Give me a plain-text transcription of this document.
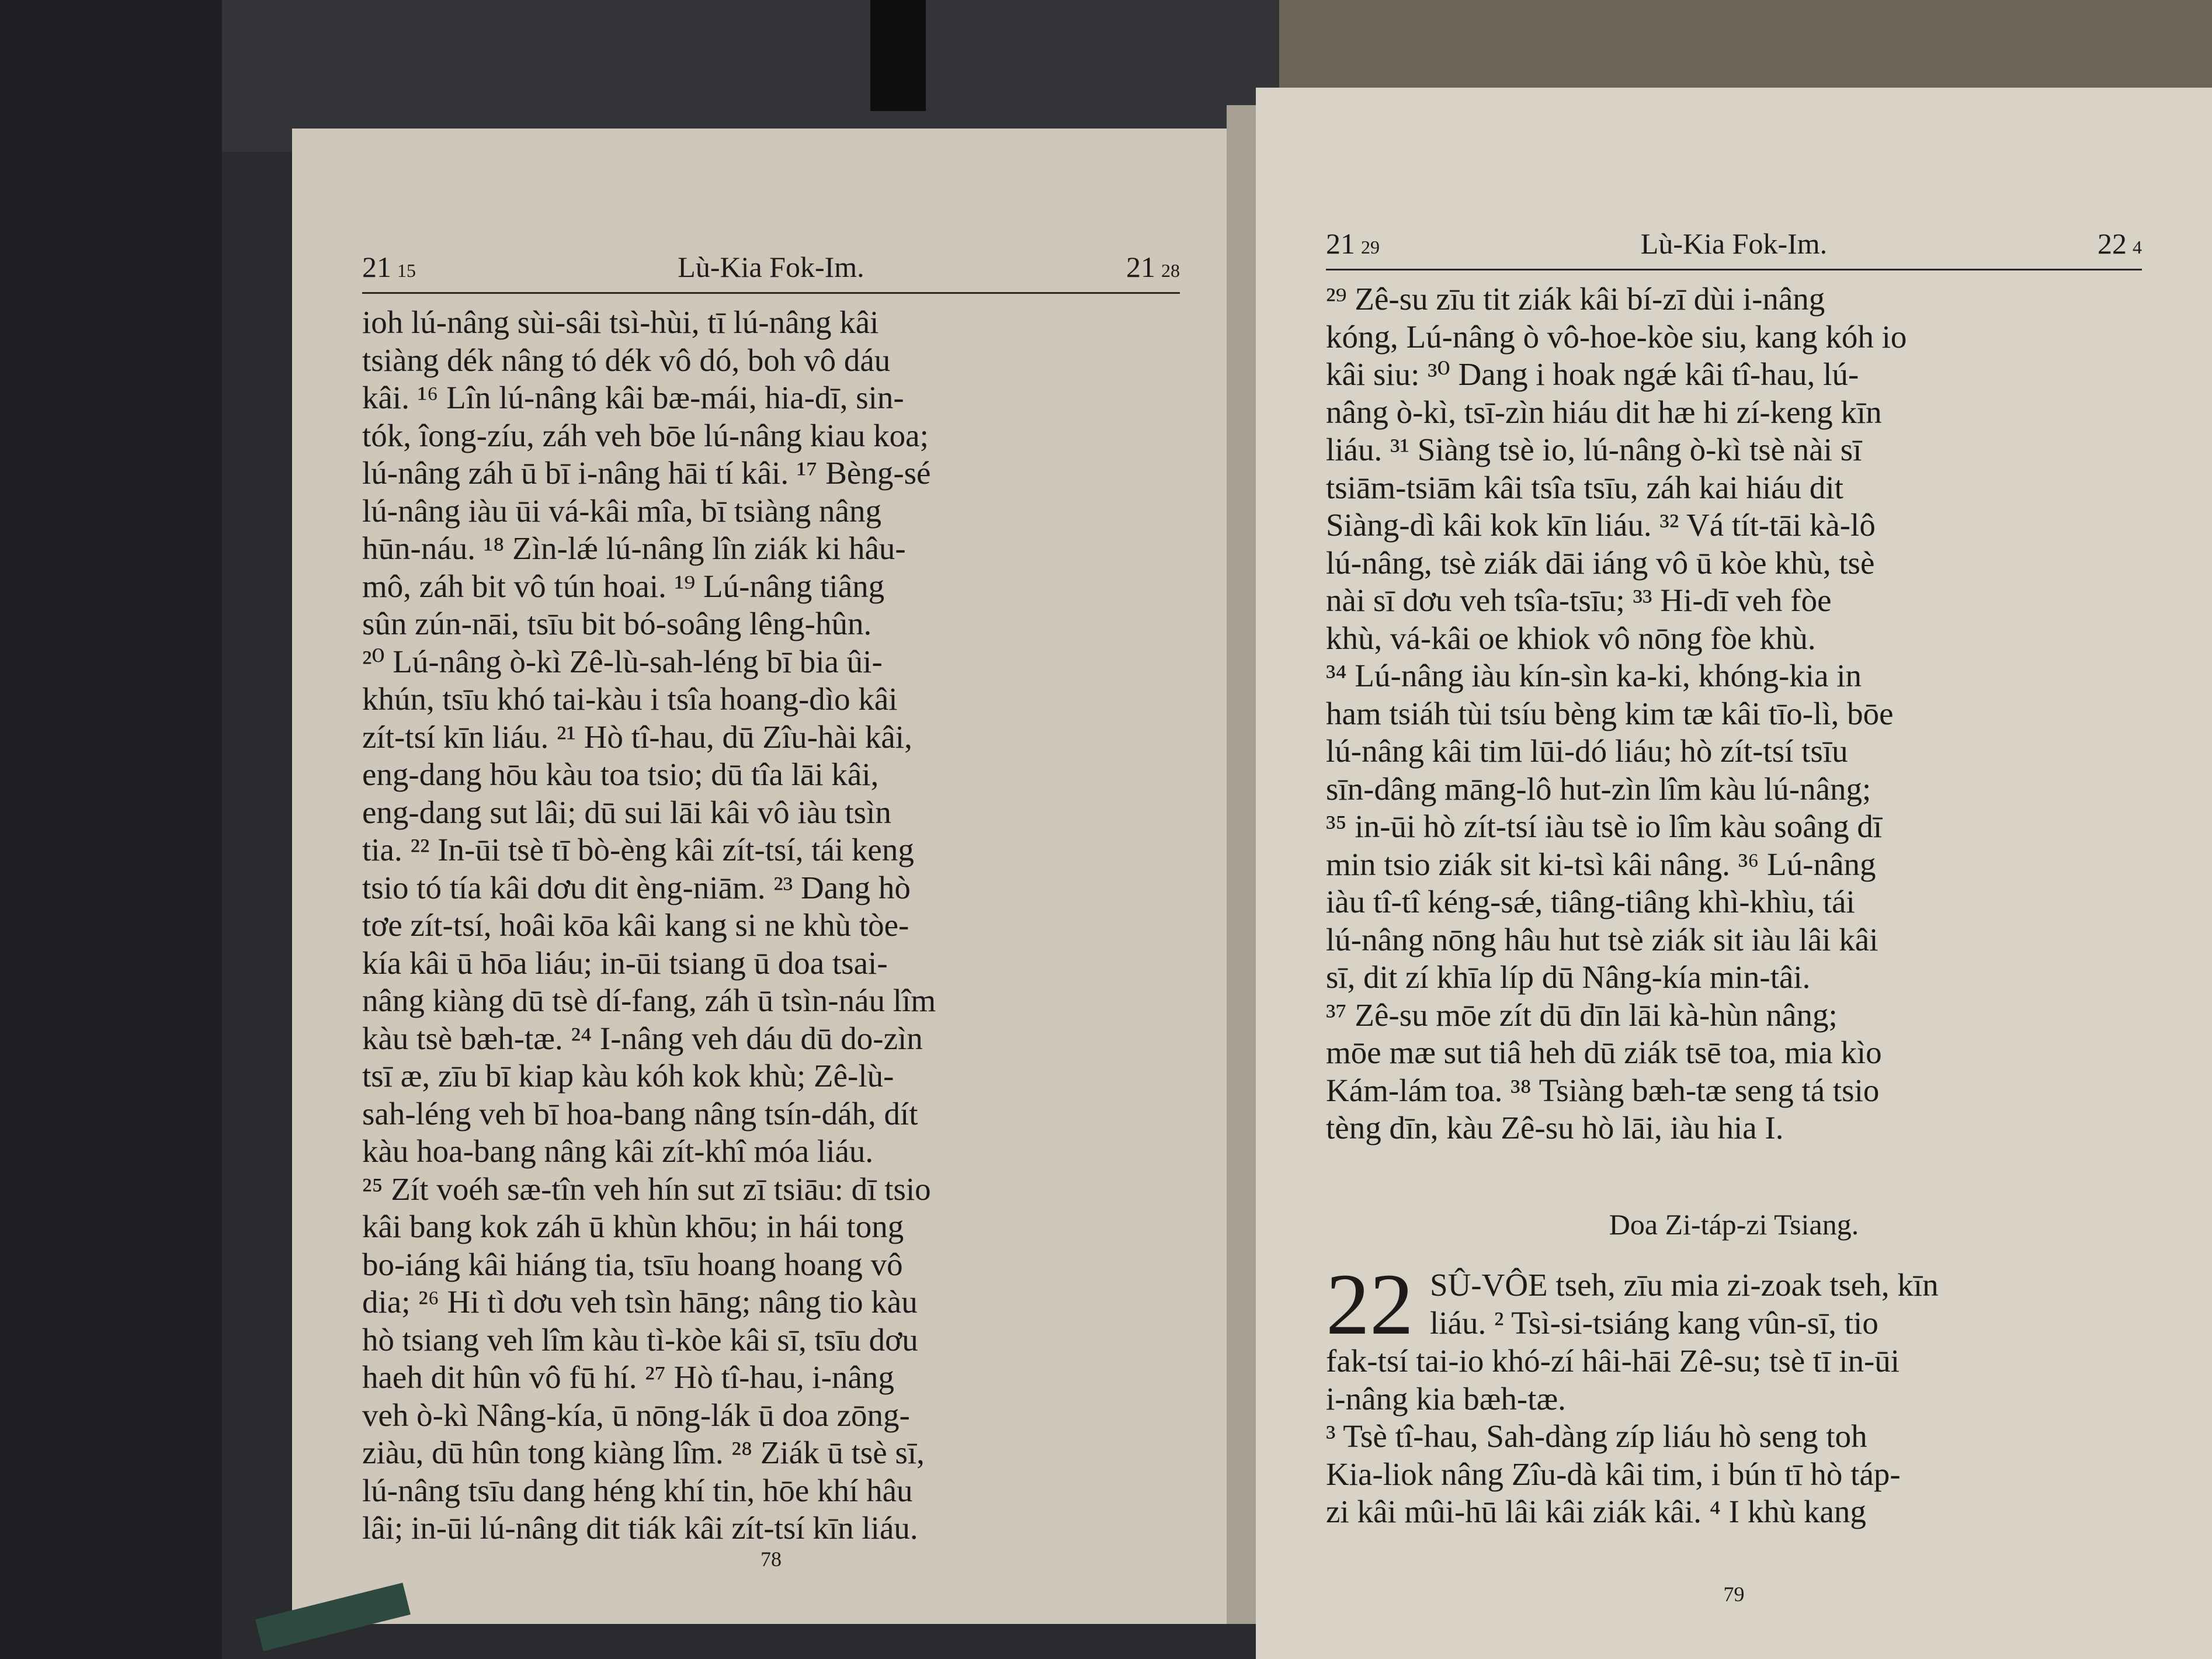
21 15	Lù-Kia Fok-Im.	21 28

ioh lú-nâng sùi-sâi tsì-hùi, tī lú-nâng kâi

tsiàng dék nâng tó dék vô dó, boh vô dáu

kâi. ¹⁶ Lîn lú-nâng kâi bæ-mái, hia-dī, sin-

tók, îong-zíu, záh veh bōe lú-nâng kiau koa;

lú-nâng záh ū bī i-nâng hāi tí kâi. ¹⁷ Bèng-sé

lú-nâng iàu ūi vá-kâi mîa, bī tsiàng nâng

hūn-náu. ¹⁸ Zìn-lǽ lú-nâng lîn ziák ki hâu-

mô, záh bit vô tún hoai. ¹⁹ Lú-nâng tiâng

sûn zún-nāi, tsīu bit bó-soâng lêng-hûn.

²⁰ Lú-nâng ò-kì Zê-lù-sah-léng bī bia ûi-

khún, tsīu khó tai-kàu i tsîa hoang-dìo kâi

zít-tsí kīn liáu. ²¹ Hò tî-hau, dū Zîu-hài kâi,

eng-dang hōu kàu toa tsio; dū tîa lāi kâi,

eng-dang sut lâi; dū sui lāi kâi vô iàu tsìn

tia. ²² In-ūi tsè tī bò-èng kâi zít-tsí, tái keng

tsio tó tía kâi dơu dit èng-niām. ²³ Dang hò

tơe zít-tsí, hoâi kōa kâi kang si ne khù tòe-

kía kâi ū hōa liáu; in-ūi tsiang ū doa tsai-

nâng kiàng dū tsè dí-fang, záh ū tsìn-náu lîm

kàu tsè bæh-tæ. ²⁴ I-nâng veh dáu dū do-zìn

tsī æ, zīu bī kiap kàu kóh kok khù; Zê-lù-

sah-léng veh bī hoa-bang nâng tsín-dáh, dít

kàu hoa-bang nâng kâi zít-khî móa liáu.

²⁵ Zít voéh sæ-tîn veh hín sut zī tsiāu: dī tsio

kâi bang kok záh ū khùn khōu; in hái tong

bo-iáng kâi hiáng tia, tsīu hoang hoang vô

dia; ²⁶ Hi tì dơu veh tsìn hāng; nâng tio kàu

hò tsiang veh lîm kàu tì-kòe kâi sī, tsīu dơu

haeh dit hûn vô fū hí. ²⁷ Hò tî-hau, i-nâng

veh ò-kì Nâng-kía, ū nōng-lák ū doa zōng-

ziàu, dū hûn tong kiàng lîm. ²⁸ Ziák ū tsè sī,

lú-nâng tsīu dang héng khí tin, hōe khí hâu

lâi; in-ūi lú-nâng dit tiák kâi zít-tsí kīn liáu.

78
21 29	Lù-Kia Fok-Im.	22 4

²⁹ Zê-su zīu tit ziák kâi bí-zī dùi i-nâng

kóng, Lú-nâng ò vô-hoe-kòe siu, kang kóh io

kâi siu: ³⁰ Dang i hoak ngǽ kâi tî-hau, lú-

nâng ò-kì, tsī-zìn hiáu dit hæ hi zí-keng kīn

liáu. ³¹ Siàng tsè io, lú-nâng ò-kì tsè nài sī

tsiām-tsiām kâi tsîa tsīu, záh kai hiáu dit

Siàng-dì kâi kok kīn liáu. ³² Vá tít-tāi kà-lô

lú-nâng, tsè ziák dāi iáng vô ū kòe khù, tsè

nài sī dơu veh tsîa-tsīu; ³³ Hi-dī veh fòe

khù, vá-kâi oe khiok vô nōng fòe khù.

³⁴ Lú-nâng iàu kín-sìn ka-ki, khóng-kia in

ham tsiáh tùi tsíu bèng kim tæ kâi tīo-lì, bōe

lú-nâng kâi tim lūi-dó liáu; hò zít-tsí tsīu

sīn-dâng māng-lô hut-zìn lîm kàu lú-nâng;

³⁵ in-ūi hò zít-tsí iàu tsè io lîm kàu soâng dī

min tsio ziák sit ki-tsì kâi nâng. ³⁶ Lú-nâng

iàu tî-tî kéng-sǽ, tiâng-tiâng khì-khìu, tái

lú-nâng nōng hâu hut tsè ziák sit iàu lâi kâi

sī, dit zí khīa líp dū Nâng-kía min-tâi.

³⁷ Zê-su mōe zít dū dīn lāi kà-hùn nâng;

mōe mæ sut tiâ heh dū ziák tsē toa, mia kìo

Kám-lám toa. ³⁸ Tsiàng bæh-tæ seng tá tsio

tèng dīn, kàu Zê-su hò lāi, iàu hia I.

Doa Zi-táp-zi Tsiang.

22 SÛ-VÔE tseh, zīu mia zi-zoak tseh, kīn

liáu. ² Tsì-si-tsiáng kang vûn-sī, tio

fak-tsí tai-io khó-zí hâi-hāi Zê-su; tsè tī in-ūi

i-nâng kia bæh-tæ.

³ Tsè tî-hau, Sah-dàng zíp liáu hò seng toh

Kia-liok nâng Zîu-dà kâi tim, i bún tī hò táp-

zi kâi mûi-hū lâi kâi ziák kâi. ⁴ I khù kang

79
